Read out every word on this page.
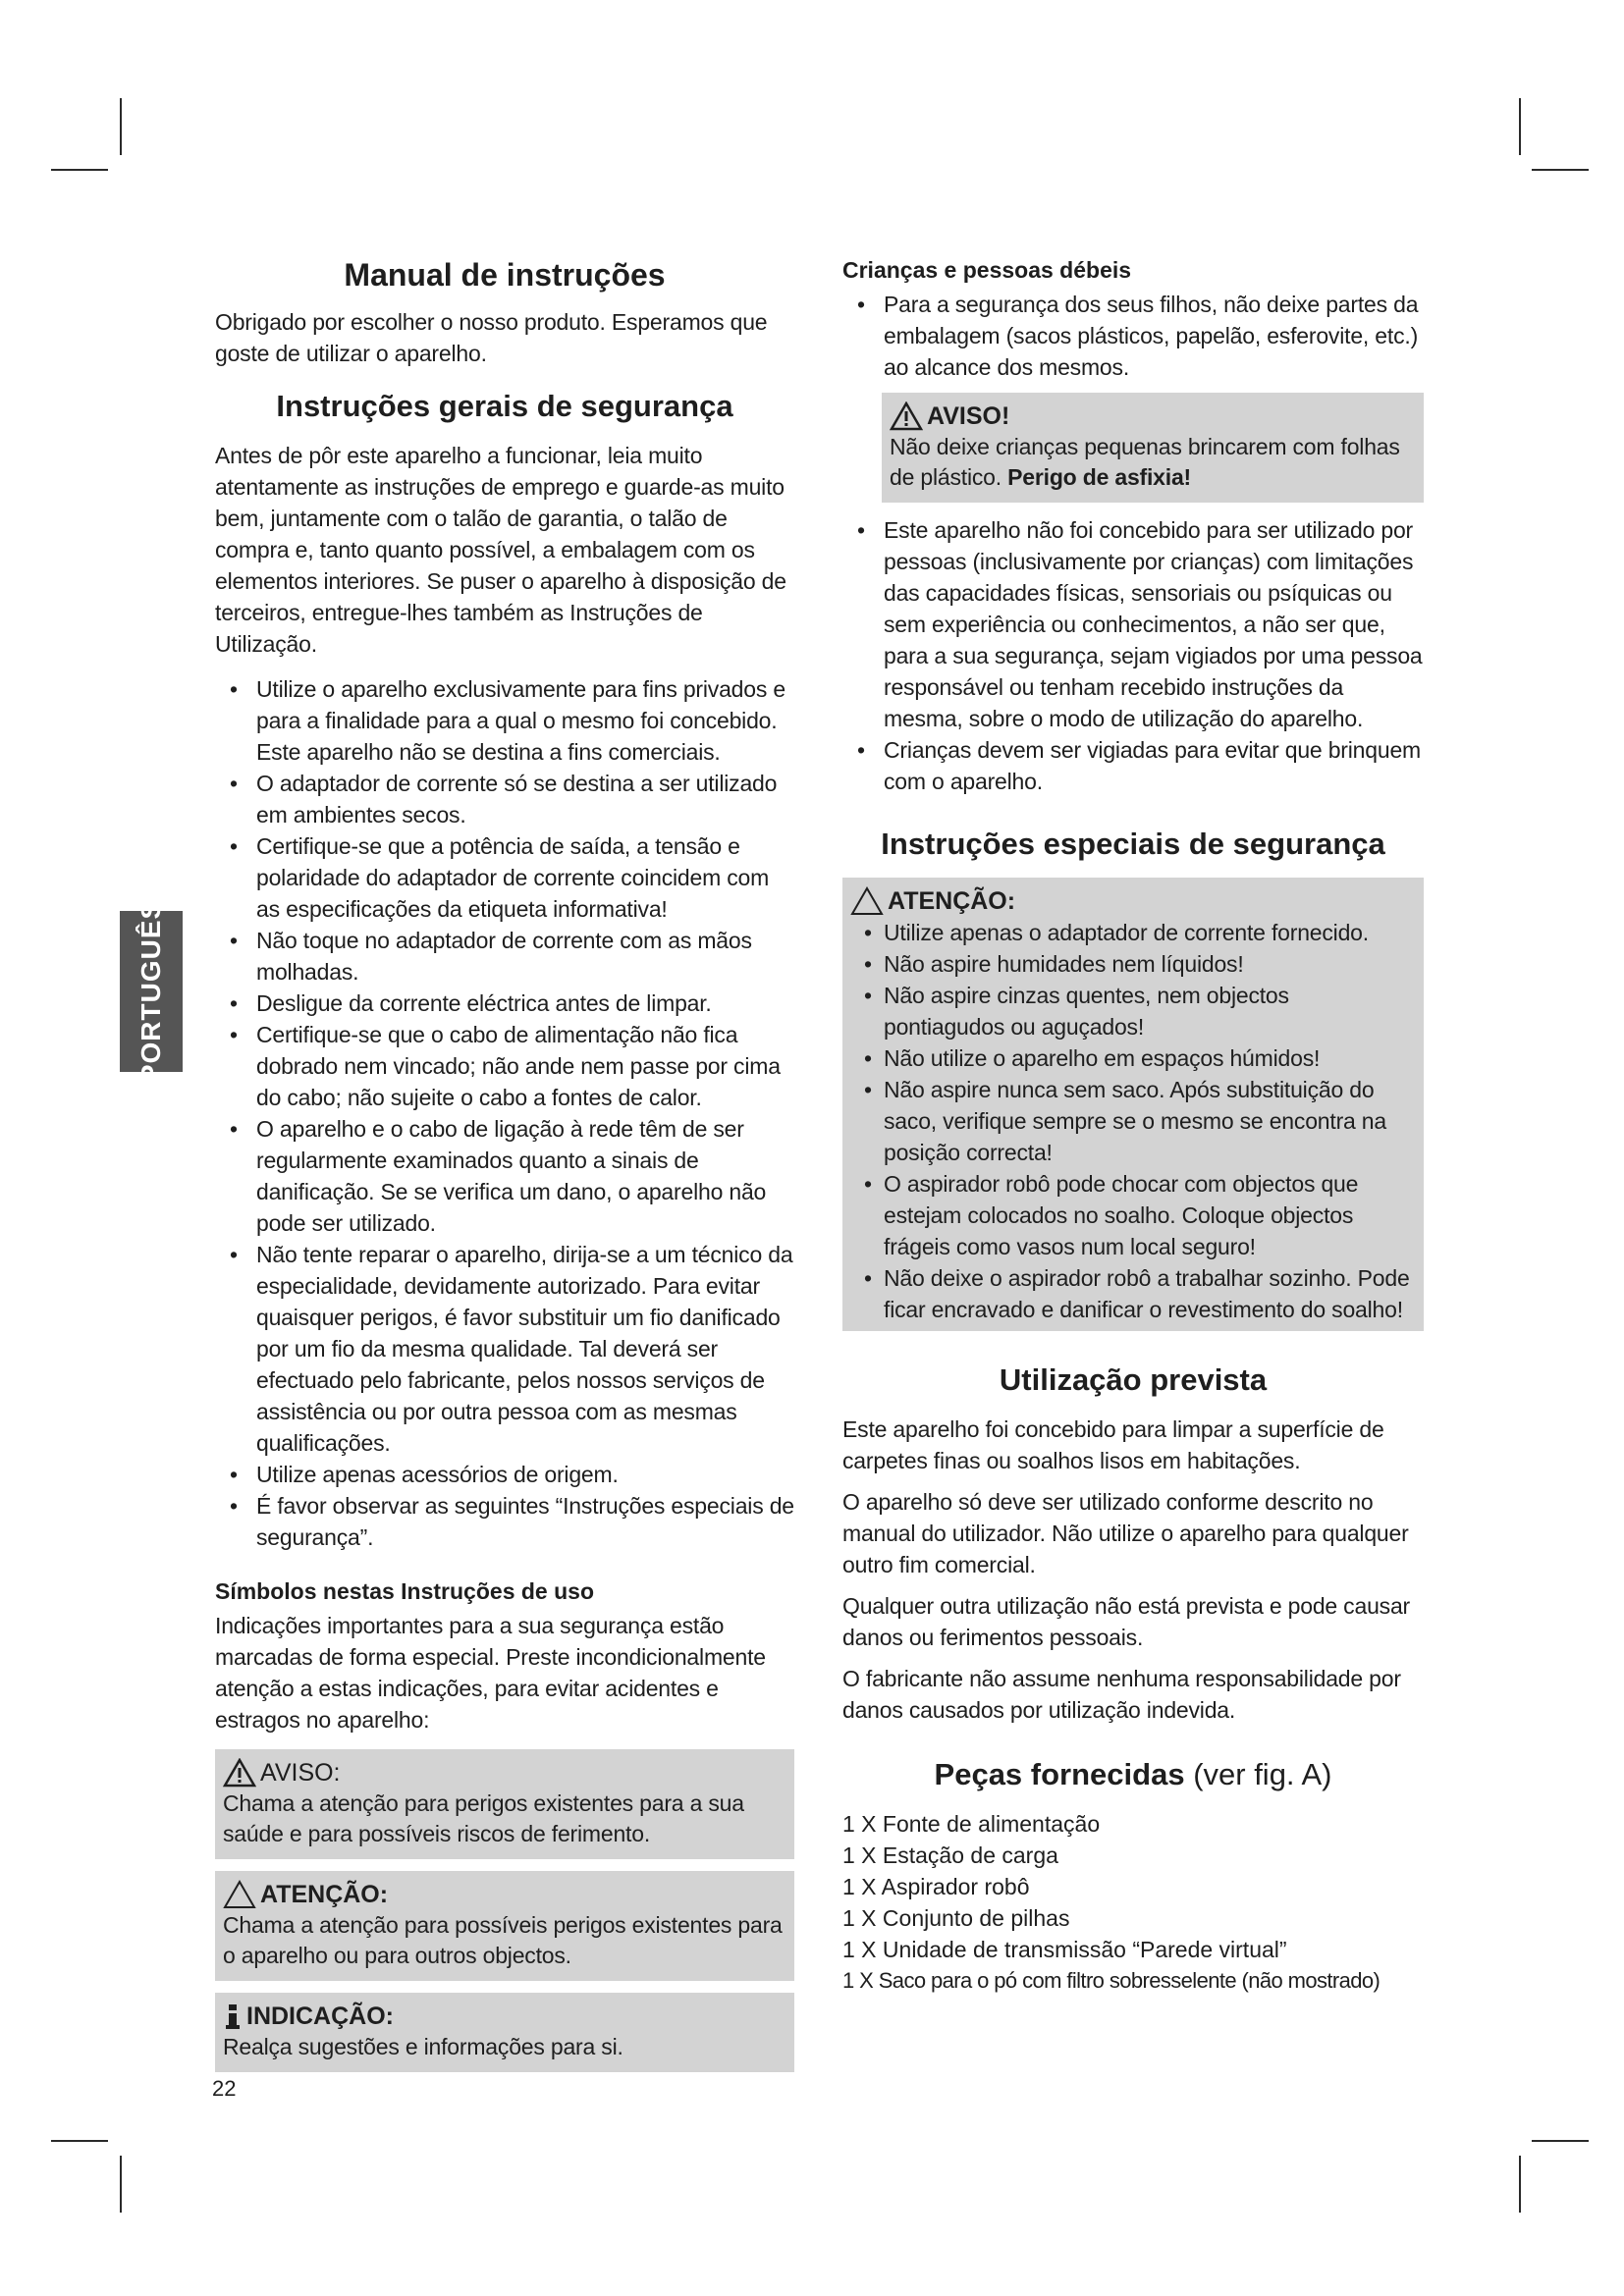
PORTUGUÊS
Manual de instruções

Obrigado por escolher o nosso produto. Esperamos que goste de utilizar o aparelho.

Instruções gerais de segurança

Antes de pôr este aparelho a funcionar, leia muito atentamente as instruções de emprego e guarde-as muito bem, juntamente com o talão de garantia, o talão de compra e, tanto quanto possível, a embalagem com os elementos interiores. Se puser o aparelho à disposição de terceiros, entregue-lhes também as Instruções de Utilização.

• Utilize o aparelho exclusivamente para fins privados e para a finalidade para a qual o mesmo foi concebido. Este aparelho não se destina a fins comerciais.
• O adaptador de corrente só se destina a ser utilizado em ambientes secos.
• Certifique-se que a potência de saída, a tensão e polaridade do adaptador de corrente coincidem com as especificações da etiqueta informativa!
• Não toque no adaptador de corrente com as mãos molhadas.
• Desligue da corrente eléctrica antes de limpar.
• Certifique-se que o cabo de alimentação não fica dobrado nem vincado; não ande nem passe por cima do cabo; não sujeite o cabo a fontes de calor.
• O aparelho e o cabo de ligação à rede têm de ser regularmente examinados quanto a sinais de danificação. Se se verifica um dano, o aparelho não pode ser utilizado.
• Não tente reparar o aparelho, dirija-se a um técnico da especialidade, devidamente autorizado. Para evitar quaisquer perigos, é favor substituir um fio danificado por um fio da mesma qualidade. Tal deverá ser efectuado pelo fabricante, pelos nossos serviços de assistência ou por outra pessoa com as mesmas qualificações.
• Utilize apenas acessórios de origem.
• É favor observar as seguintes “Instruções especiais de segurança”.
Símbolos nestas Instruções de uso

Indicações importantes para a sua segurança estão marcadas de forma especial. Preste incondicionalmente atenção a estas indicações, para evitar acidentes e estragos no aparelho:

AVISO:
Chama a atenção para perigos existentes para a sua saúde e para possíveis riscos de ferimento.
ATENÇÃO:
Chama a atenção para possíveis perigos existentes para o aparelho ou para outros objectos.
INDICAÇÃO:
Realça sugestões e informações para si.
Crianças e pessoas débeis
• Para a segurança dos seus filhos, não deixe partes da embalagem (sacos plásticos, papelão, esferovite, etc.) ao alcance dos mesmos.
AVISO!
Não deixe crianças pequenas brincarem com folhas de plástico. Perigo de asfixia!
• Este aparelho não foi concebido para ser utilizado por pessoas (inclusivamente por crianças) com limitações das capacidades físicas, sensoriais ou psíquicas ou sem experiência ou conhecimentos, a não ser que, para a sua segurança, sejam vigiados por uma pessoa responsável ou tenham recebido instruções da mesma, sobre o modo de utilização do aparelho.
• Crianças devem ser vigiadas para evitar que brinquem com o aparelho.
Instruções especiais de segurança
ATENÇÃO:
• Utilize apenas o adaptador de corrente fornecido.
• Não aspire humidades nem líquidos!
• Não aspire cinzas quentes, nem objectos pontiagudos ou aguçados!
• Não utilize o aparelho em espaços húmidos!
• Não aspire nunca sem saco. Após substituição do saco, verifique sempre se o mesmo se encontra na posição correcta!
• O aspirador robô pode chocar com objectos que estejam colocados no soalho. Coloque objectos frágeis como vasos num local seguro!
• Não deixe o aspirador robô a trabalhar sozinho. Pode ficar encravado e danificar o revestimento do soalho!
Utilização prevista

Este aparelho foi concebido para limpar a superfície de carpetes finas ou soalhos lisos em habitações.

O aparelho só deve ser utilizado conforme descrito no manual do utilizador. Não utilize o aparelho para qualquer outro fim comercial.

Qualquer outra utilização não está prevista e pode causar danos ou ferimentos pessoais.

O fabricante não assume nenhuma responsabilidade por danos causados por utilização indevida.

Peças fornecidas (ver fig. A)
1 X Fonte de alimentação
1 X Estação de carga
1 X Aspirador robô
1 X Conjunto de pilhas
1 X Unidade de transmissão “Parede virtual”
1 X Saco para o pó com filtro sobresselente (não mostrado)
22
